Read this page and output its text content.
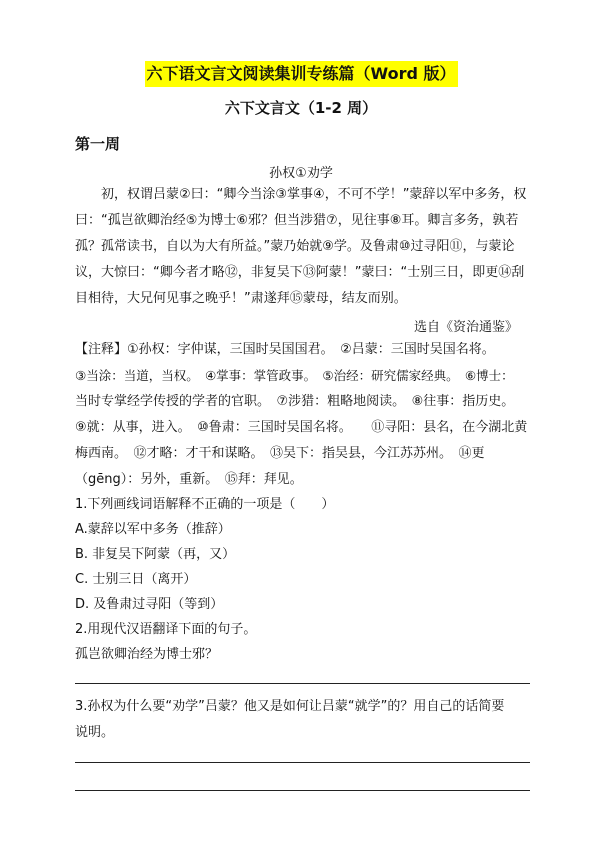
六下语文言文阅读集训专练篇（Word 版）
六下文言文（1-2 周）
第一周
孙权①劝学
　　初，权谓吕蒙②曰：“卿今当涂③掌事④，不可不学！”蒙辞以军中多务，权
曰：“孤岂欲卿治经⑤为博士⑥邪？但当涉猎⑦，见往事⑧耳。卿言多务，孰若
孤？孤常读书，自以为大有所益。”蒙乃始就⑨学。及鲁肃⑩过寻阳⑪，与蒙论
议，大惊曰：“卿今者才略⑫，非复吴下⑬阿蒙！”蒙曰：“士别三日，即更⑭刮
目相待，大兄何见事之晚乎！”肃遂拜⑮蒙母，结友而别。
选自《资治通鉴》
【注释】①孙权：字仲谋，三国时吴国国君。　②吕蒙：三国时吴国名将。
③当涂：当道，当权。　④掌事：掌管政事。　⑤治经：研究儒家经典。　⑥博士：
当时专掌经学传授的学者的官职。　⑦涉猎：粗略地阅读。　⑧往事：指历史。
⑨就：从事，进入。　⑩鲁肃：三国时吴国名将。　　⑪寻阳：县名，在今湖北黄
梅西南。　⑫才略：才干和谋略。　⑬吴下：指吴县，今江苏苏州。　⑭更
（gēng）：另外，重新。　⑮拜：拜见。
1.下列画线词语解释不正确的一项是（　　）
A.蒙辞以军中多务（推辞）
B. 非复吴下阿蒙（再，又）
C. 士别三日（离开）
D. 及鲁肃过寻阳（等到）
2.用现代汉语翻译下面的句子。
孤岂欲卿治经为博士邪？
3.孙权为什么要“劝学”吕蒙？他又是如何让吕蒙“就学”的？用自己的话简要
说明。
